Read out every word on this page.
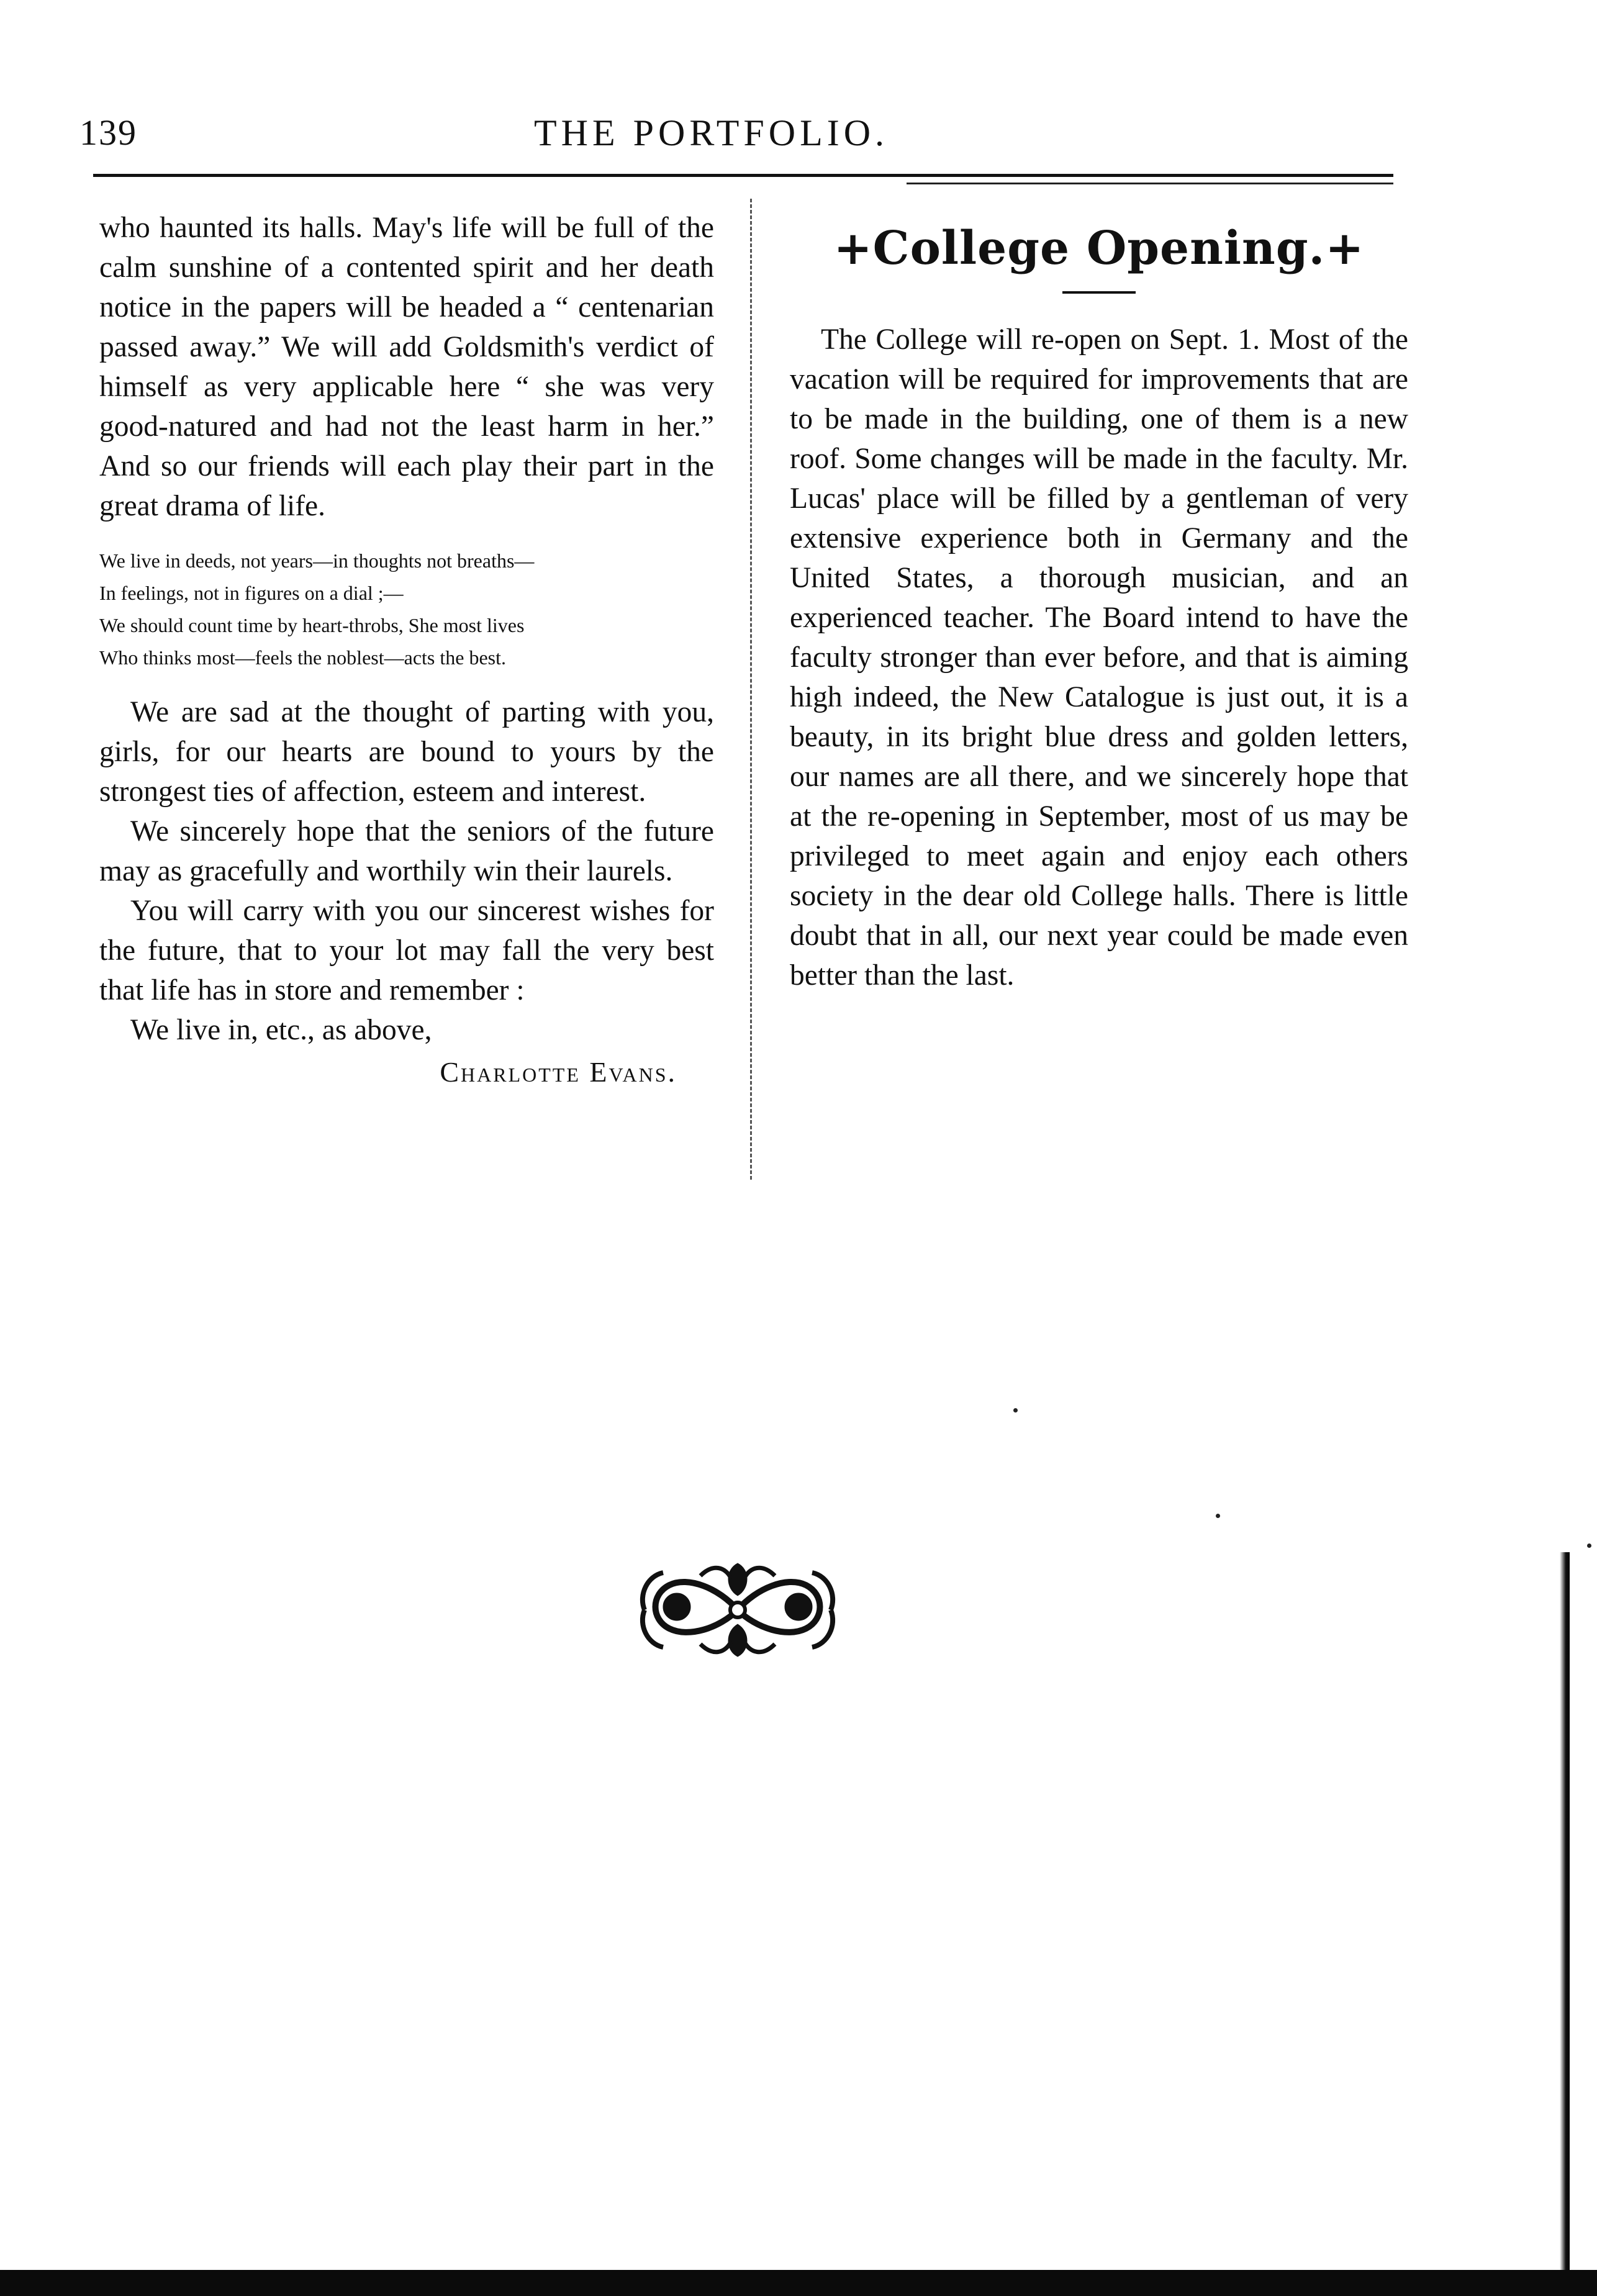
139	THE PORTFOLIO.

who haunted its halls. May's life will be full of the calm sunshine of a contented spirit and her death notice in the papers will be headed a “ centenarian passed away.” We will add Goldsmith's verdict of himself as very applicable here “ she was very good-natured and had not the least harm in her.” And so our friends will each play their part in the great drama of life.

We live in deeds, not years—in thoughts not breaths—
In feelings, not in figures on a dial ;—
We should count time by heart-throbs, She most lives
Who thinks most—feels the noblest—acts the best.

We are sad at the thought of parting with you, girls, for our hearts are bound to yours by the strongest ties of affection, esteem and interest.

We sincerely hope that the seniors of the future may as gracefully and worthily win their laurels.

You will carry with you our sincerest wishes for the future, that to your lot may fall the very best that life has in store and remember :

We live in, etc., as above,

Charlotte Evans.
+College Opening.+

The College will re-open on Sept. 1. Most of the vacation will be required for improvements that are to be made in the building, one of them is a new roof. Some changes will be made in the faculty. Mr. Lucas' place will be filled by a gentleman of very extensive experience both in Germany and the United States, a thorough musician, and an experienced teacher. The Board intend to have the faculty stronger than ever before, and that is aiming high indeed, the New Catalogue is just out, it is a beauty, in its bright blue dress and golden letters, our names are all there, and we sincerely hope that at the re-opening in September, most of us may be privileged to meet again and enjoy each others society in the dear old College halls. There is little doubt that in all, our next year could be made even better than the last.
